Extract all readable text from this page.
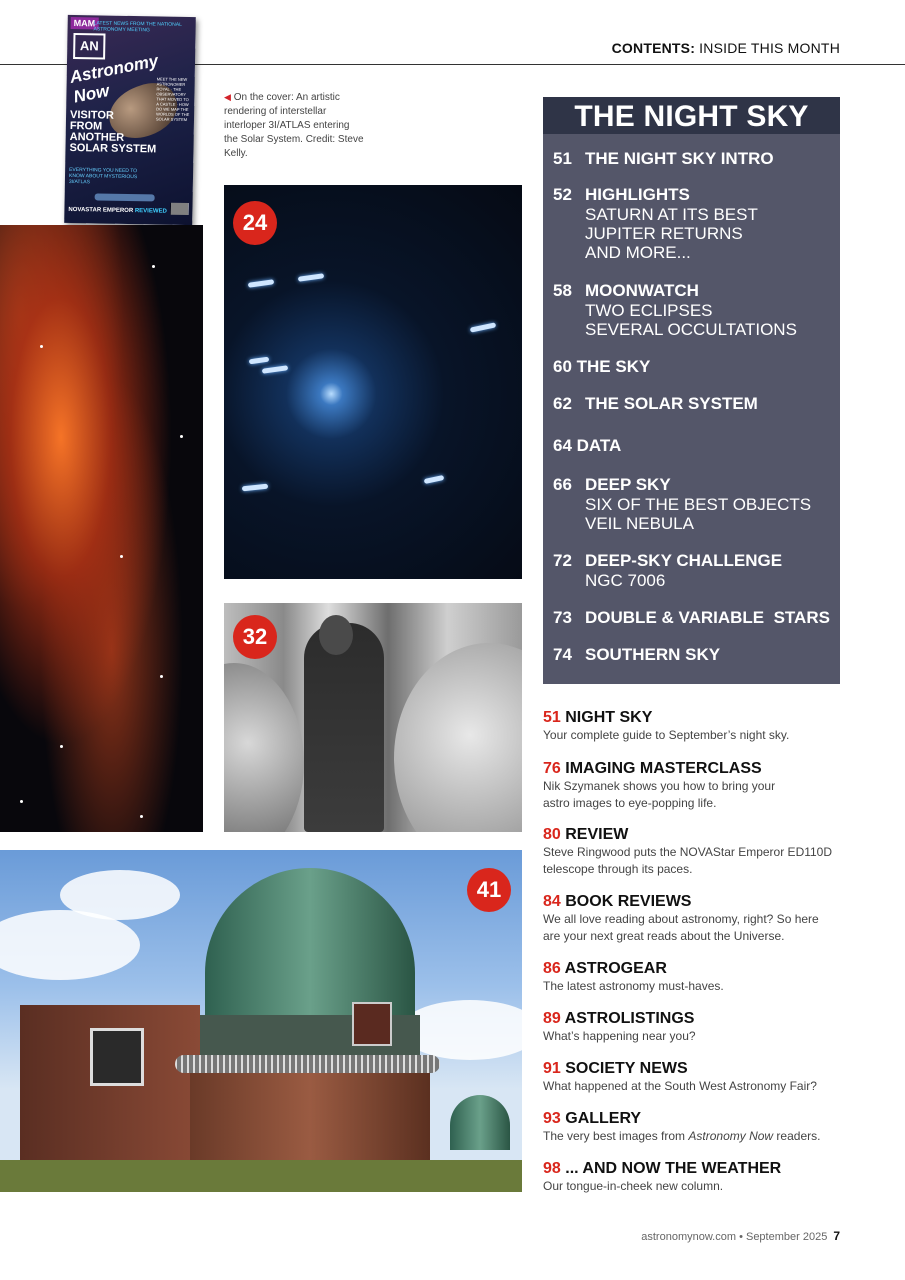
CONTENTS: INSIDE THIS MONTH
MAM
LATEST NEWS FROM THE NATIONAL ASTRONOMY MEETING
AN
Astronomy Now
VISITOR
FROM
ANOTHER
SOLAR SYSTEM
EVERYTHING YOU NEED TO KNOW ABOUT MYSTERIOUS 3I/ATLAS
MEET THE NEW ASTRONOMER ROYAL · THE OBSERVATORY THAT MOVED TO A CASTLE · HOW DO WE MAP THE WORLDS OF THE SOLAR SYSTEM
NOVASTAR EMPEROR REVIEWED
◀ On the cover: An artistic rendering of interstellar interloper 3I/ATLAS entering the Solar System. Credit: Steve Kelly.
24
32
41
THE NIGHT SKY
51 THE NIGHT SKY INTRO
52 HIGHLIGHTS
SATURN AT ITS BEST
JUPITER RETURNS
AND MORE...
58 MOONWATCH
TWO ECLIPSES
SEVERAL OCCULTATIONS
60 THE SKY
62 THE SOLAR SYSTEM
64 DATA
66 DEEP SKY
SIX OF THE BEST OBJECTS
VEIL NEBULA
72 DEEP-SKY CHALLENGE
NGC 7006
73 DOUBLE & VARIABLE  STARS
74 SOUTHERN SKY
51 NIGHT SKY
Your complete guide to September’s night sky.
76 IMAGING MASTERCLASS
Nik Szymanek shows you how to bring your
astro images to eye-popping life.
80 REVIEW
Steve Ringwood puts the NOVAStar Emperor ED110D
telescope through its paces.
84 BOOK REVIEWS
We all love reading about astronomy, right? So here
are your next great reads about the Universe.
86 ASTROGEAR
The latest astronomy must-haves.
89 ASTROLISTINGS
What’s happening near you?
91 SOCIETY NEWS
What happened at the South West Astronomy Fair?
93 GALLERY
The very best images from Astronomy Now readers.
98 ... AND NOW THE WEATHER
Our tongue-in-cheek new column.
astronomynow.com • September 2025 7
